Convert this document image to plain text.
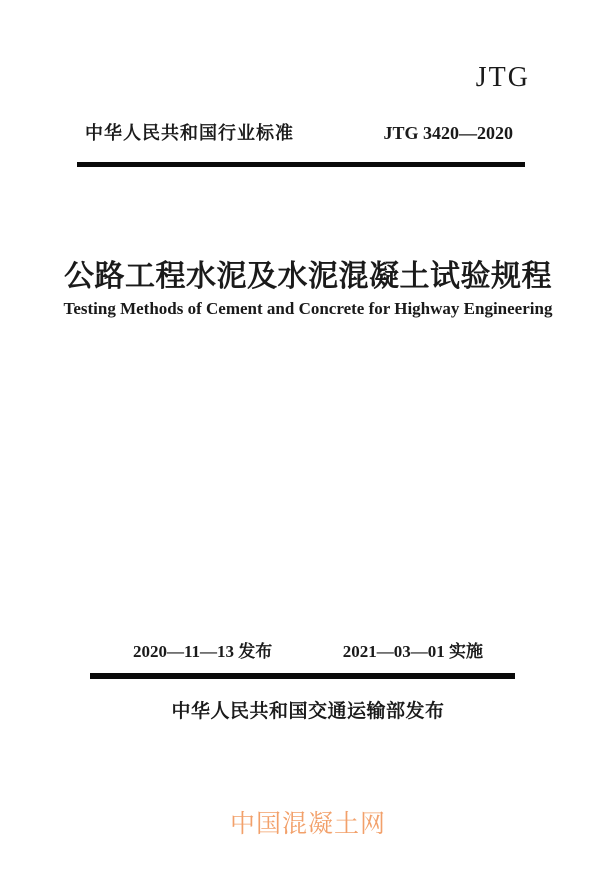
JTG
中华人民共和国行业标准	JTG 3420—2020
公路工程水泥及水泥混凝土试验规程
Testing Methods of Cement and Concrete for Highway Engineering
2020—11—13 发布	2021—03—01 实施
中华人民共和国交通运输部发布
中国混凝土网
